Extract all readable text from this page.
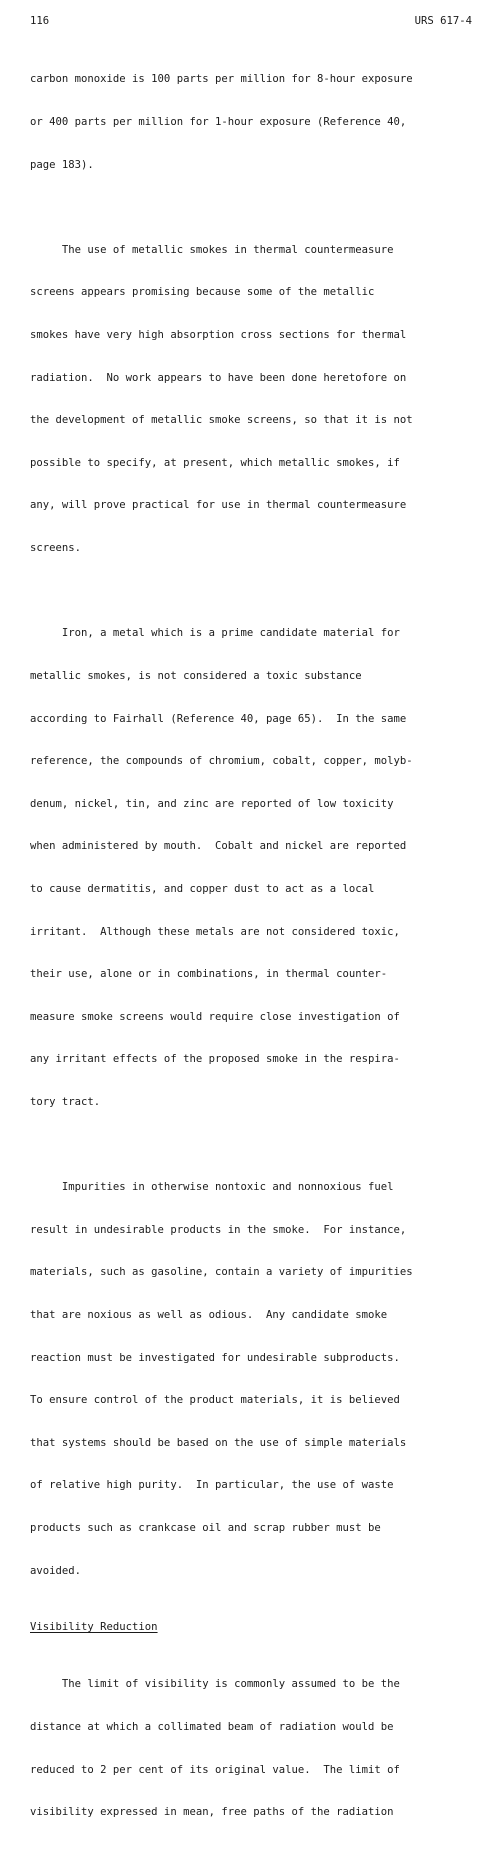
116	URS 617-4

carbon monoxide is 100 parts per million for 8-hour exposure

or 400 parts per million for 1-hour exposure (Reference 40,

page 183).

The use of metallic smokes in thermal countermeasure

screens appears promising because some of the metallic

smokes have very high absorption cross sections for thermal

radiation.  No work appears to have been done heretofore on

the development of metallic smoke screens, so that it is not

possible to specify, at present, which metallic smokes, if

any, will prove practical for use in thermal countermeasure

screens.

Iron, a metal which is a prime candidate material for

metallic smokes, is not considered a toxic substance

according to Fairhall (Reference 40, page 65).  In the same

reference, the compounds of chromium, cobalt, copper, molyb-

denum, nickel, tin, and zinc are reported of low toxicity

when administered by mouth.  Cobalt and nickel are reported

to cause dermatitis, and copper dust to act as a local

irritant.  Although these metals are not considered toxic,

their use, alone or in combinations, in thermal counter-

measure smoke screens would require close investigation of

any irritant effects of the proposed smoke in the respira-

tory tract.

Impurities in otherwise nontoxic and nonnoxious fuel

result in undesirable products in the smoke.  For instance,

materials, such as gasoline, contain a variety of impurities

that are noxious as well as odious.  Any candidate smoke

reaction must be investigated for undesirable subproducts.

To ensure control of the product materials, it is believed

that systems should be based on the use of simple materials

of relative high purity.  In particular, the use of waste

products such as crankcase oil and scrap rubber must be

avoided.

Visibility Reduction

The limit of visibility is commonly assumed to be the

distance at which a collimated beam of radiation would be

reduced to 2 per cent of its original value.  The limit of

visibility expressed in mean, free paths of the radiation
